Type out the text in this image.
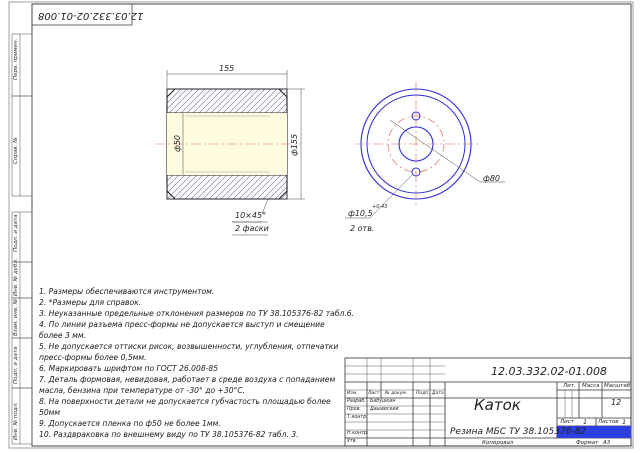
12.03.332.02-01.008
Перв. примен.
Справ. №
Подп. и дата
Инв. № дубл.
Взам. инв. №
Подп. и дата
Инв. № подл.
155
ф50	ф155
10×45°
2 фаски
ф80
ф10,5
+0,43
2 отв.
1. Размеры обеспечиваются инструментом.
2. *Размеры для справок.
3. Неуказанные предельные отклонения размеров по ТУ 38.105376-82 табл.6.
4. По линии разъема пресс-формы не допускается выступ и смещение
более 3 мм.
5. Не допускается оттиски рисок, возвышенности, углубления, отпечатки
пресс-формы более 0,5мм.
6. Маркировать шрифтом по ГОСТ 26.008-85
7. Деталь формовая, невидовая, работает в среде воздуха с попаданием
масла, бензина при температуре от -30° до +30°С.
8. На поверхности детали не допускается губчастость площадью более
50мм
9. Допускается пленка по ф50 не более 1мм.
10. Раздвраковка по внешнему виду по ТУ 38.105376-82 табл. 3.
12.03.332.02-01.008
Каток
Резина МБС ТУ 38.105376-82
Лит. Масса Масштаб
12
Лист 1 Листов 1
Копировал	Формат A3
Изм. Лист № докум. Подп. Дата
Разраб. Бабушкин
Пров. Дашевский
Т.контр.
Н.контр.
Утв.
